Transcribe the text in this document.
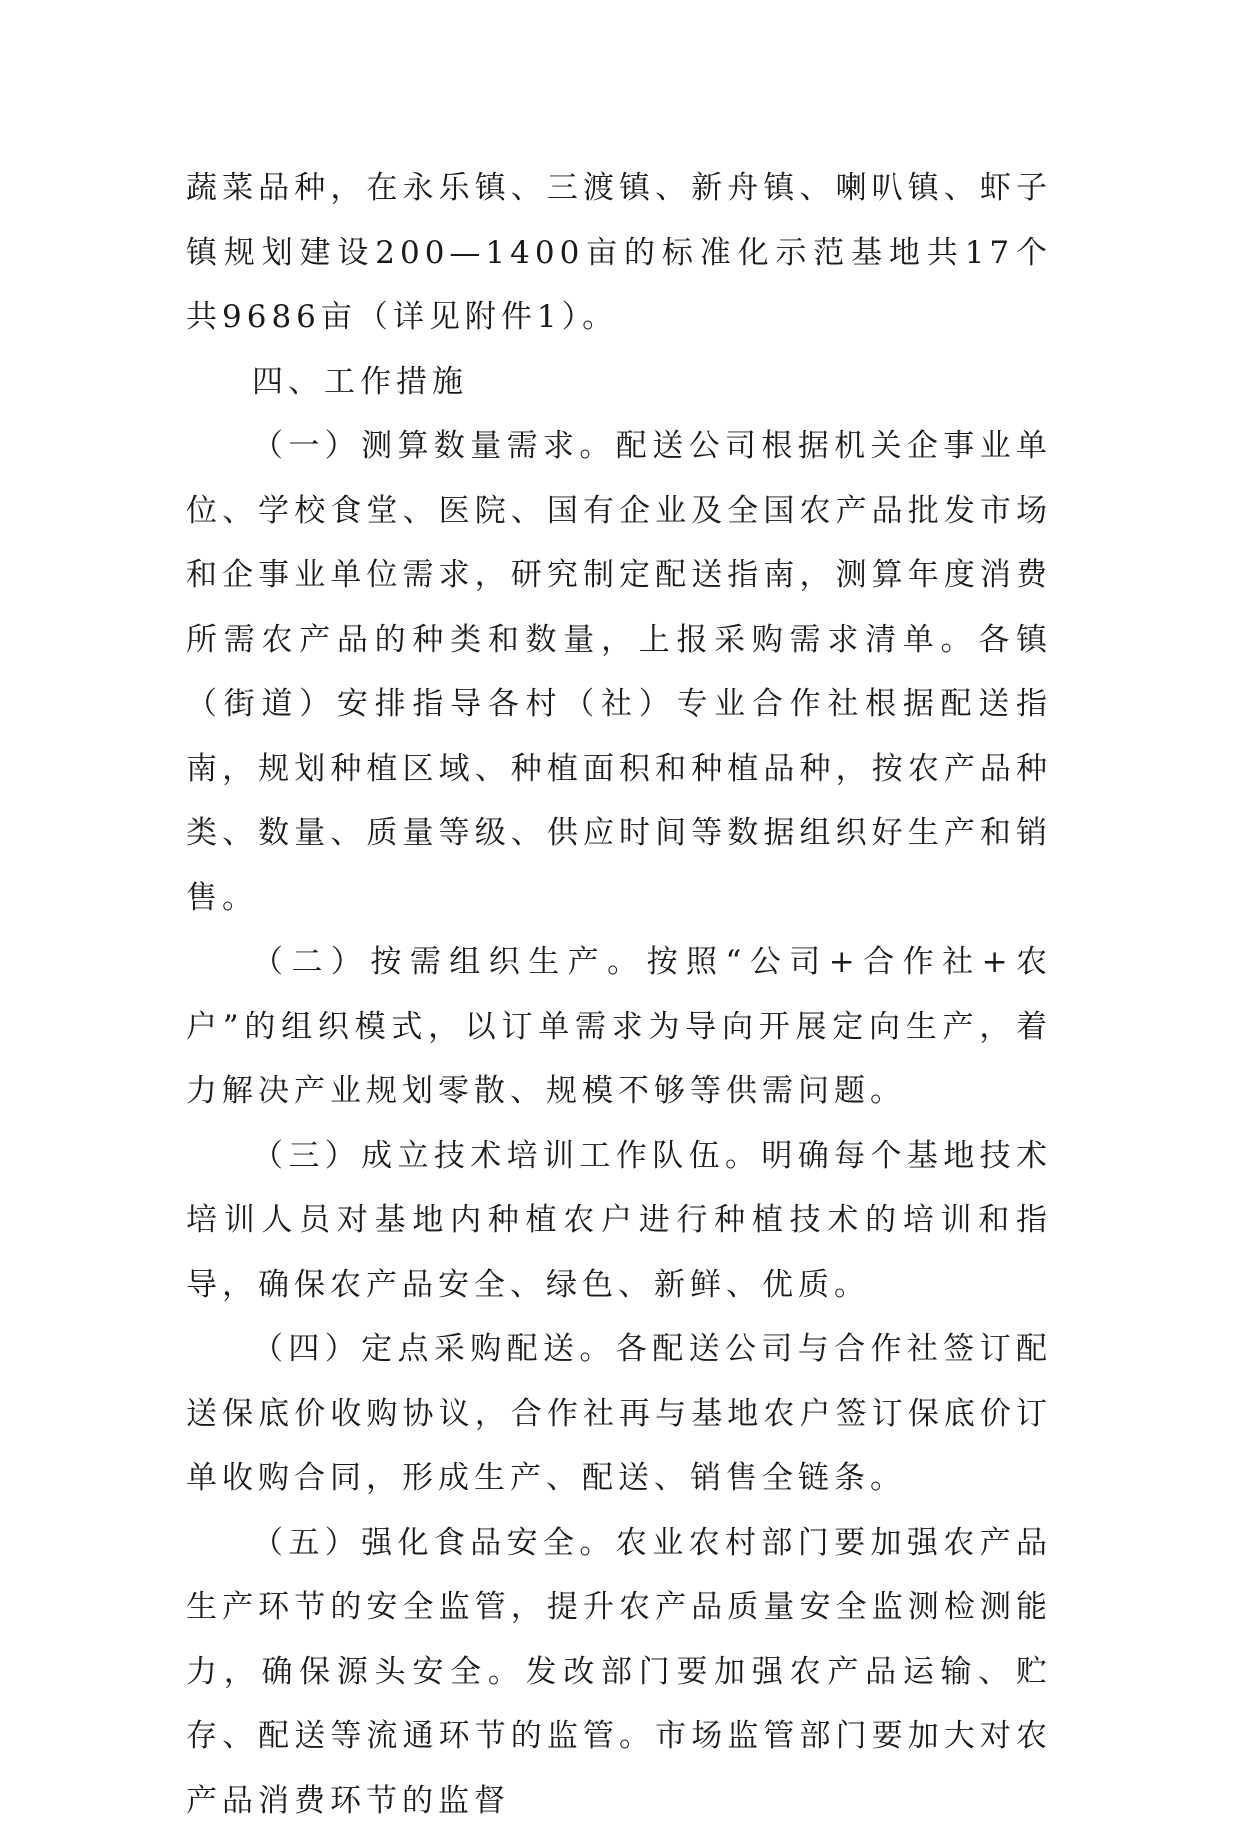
蔬菜品种，在永乐镇、三渡镇、新舟镇、喇叭镇、虾子镇规划建设200—1400亩的标准化示范基地共17个共9686亩（详见附件1）。

四、工作措施

（一）测算数量需求。配送公司根据机关企事业单位、学校食堂、医院、国有企业及全国农产品批发市场和企事业单位需求，研究制定配送指南，测算年度消费所需农产品的种类和数量，上报采购需求清单。各镇（街道）安排指导各村（社）专业合作社根据配送指南，规划种植区域、种植面积和种植品种，按农产品种类、数量、质量等级、供应时间等数据组织好生产和销售。

（二）按需组织生产。按照“公司+合作社+农户”的组织模式，以订单需求为导向开展定向生产，着力解决产业规划零散、规模不够等供需问题。

（三）成立技术培训工作队伍。明确每个基地技术培训人员对基地内种植农户进行种植技术的培训和指导，确保农产品安全、绿色、新鲜、优质。

（四）定点采购配送。各配送公司与合作社签订配送保底价收购协议，合作社再与基地农户签订保底价订单收购合同，形成生产、配送、销售全链条。

（五）强化食品安全。农业农村部门要加强农产品生产环节的安全监管，提升农产品质量安全监测检测能力，确保源头安全。发改部门要加强农产品运输、贮存、配送等流通环节的监管。市场监管部门要加大对农产品消费环节的监督
